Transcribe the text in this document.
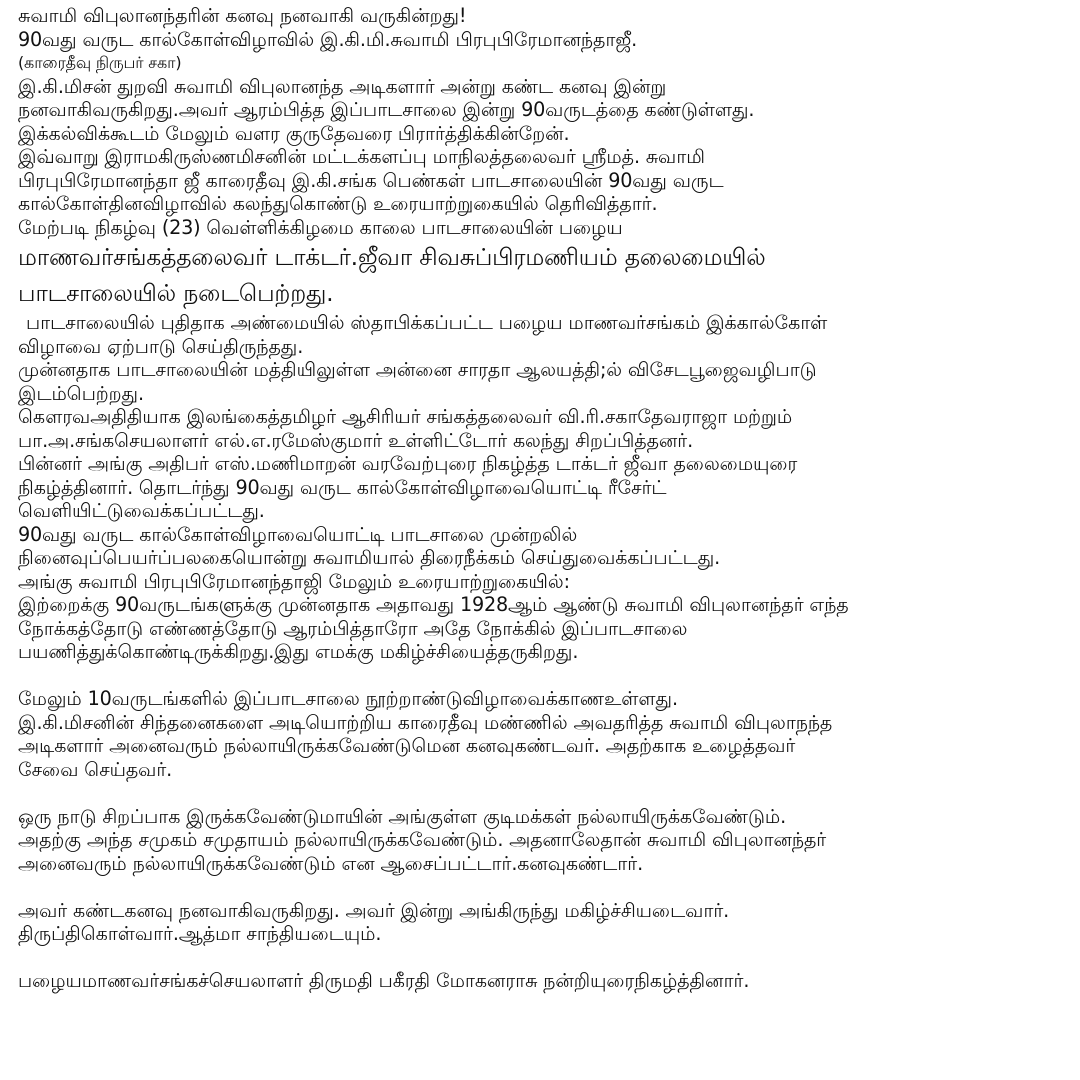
சுவாமி விபுலானந்தரின் கனவு நனவாகி வருகின்றது!
90வது வருட கால்கோள்விழாவில் இ.கி.மி.சுவாமி பிரபுபிரேமானந்தாஜீ.
(காரைதீவு நிருபர் சகா)
இ.கி.மிசன் துறவி சுவாமி விபுலானந்த அடிகளார் அன்று கண்ட கனவு இன்று
நனவாகிவருகிறது.அவர் ஆரம்பித்த இப்பாடசாலை இன்று 90வருடத்தை கண்டுள்ளது.
இக்கல்விக்கூடம் மேலும் வளர குருதேவரை பிரார்த்திக்கின்றேன்.
இவ்வாறு இராமகிருஸ்ணமிசனின் மட்டக்களப்பு மாநிலத்தலைவர் ஸ்ரீமத். சுவாமி
பிரபுபிரேமானந்தா ஜீ காரைதீவு இ.கி.சங்க பெண்கள் பாடசாலையின் 90வது வருட
கால்கோள்தினவிழாவில் கலந்துகொண்டு உரையாற்றுகையில் தெரிவித்தார்.
மேற்படி நிகழ்வு (23) வெள்ளிக்கிழமை காலை பாடசாலையின் பழைய
மாணவர்சங்கத்தலைவர் டாக்டர்.ஜீவா சிவசுப்பிரமணியம் தலைமையில்
பாடசாலையில் நடைபெற்றது.
பாடசாலையில் புதிதாக அண்மையில் ஸ்தாபிக்கப்பட்ட பழைய மாணவர்சங்கம் இக்கால்கோள்
விழாவை ஏற்பாடு செய்திருந்தது.
முன்னதாக பாடசாலையின் மத்தியிலுள்ள அன்னை சாரதா ஆலயத்தி;ல் விசேடபூஜைவழிபாடு
இடம்பெற்றது.
கௌரவஅதிதியாக இலங்கைத்தமிழர் ஆசிரியர் சங்கத்தலைவர் வி.ரி.சகாதேவராஜா மற்றும்
பா.அ.சங்கசெயலாளர் எல்.எ.ரமேஸ்குமார் உள்ளிட்டோர் கலந்து சிறப்பித்தனர்.
பின்னர் அங்கு அதிபர் எஸ்.மணிமாறன் வரவேற்புரை நிகழ்த்த டாக்டர் ஜீவா தலைமையுரை
நிகழ்த்தினார். தொடர்ந்து 90வது வருட கால்கோள்விழாவையொட்டி ரீசேர்ட்
வெளியிட்டுவைக்கப்பட்டது.
90வது வருட கால்கோள்விழாவையொட்டி பாடசாலை முன்றலில்
நினைவுப்பெயர்ப்பலகையொன்று சுவாமியால் திரைநீக்கம் செய்துவைக்கப்பட்டது.
அங்கு சுவாமி பிரபுபிரேமானந்தாஜி மேலும் உரையாற்றுகையில்:
இற்றைக்கு 90வருடங்களுக்கு முன்னதாக அதாவது 1928ஆம் ஆண்டு சுவாமி விபுலானந்தர் எந்த
நோக்கத்தோடு எண்ணத்தோடு ஆரம்பித்தாரோ அதே நோக்கில் இப்பாடசாலை
பயணித்துக்கொண்டிருக்கிறது.இது எமக்கு மகிழ்ச்சியைத்தருகிறது.
மேலும் 10வருடங்களில் இப்பாடசாலை நூற்றாண்டுவிழாவைக்காணஉள்ளது.
இ.கி.மிசனின் சிந்தனைகளை அடியொற்றிய காரைதீவு மண்ணில் அவதரித்த சுவாமி விபுலாநந்த
அடிகளார் அனைவரும் நல்லாயிருக்கவேண்டுமென கனவுகண்டவர். அதற்காக உழைத்தவர்
சேவை செய்தவர்.
ஒரு நாடு சிறப்பாக இருக்கவேண்டுமாயின் அங்குள்ள குடிமக்கள் நல்லாயிருக்கவேண்டும்.
அதற்கு அந்த சமுகம் சமுதாயம் நல்லாயிருக்கவேண்டும். அதனாலேதான் சுவாமி விபுலானந்தர்
அனைவரும் நல்லாயிருக்கவேண்டும் என ஆசைப்பட்டார்.கனவுகண்டார்.
அவர் கண்டகனவு நனவாகிவருகிறது. அவர் இன்று அங்கிருந்து மகிழ்ச்சியடைவார்.
திருப்திகொள்வார்.ஆத்மா சாந்தியடையும்.
பழையமாணவர்சங்கச்செயலாளர் திருமதி பகீரதி மோகனராசு நன்றியுரைநிகழ்த்தினார்.
